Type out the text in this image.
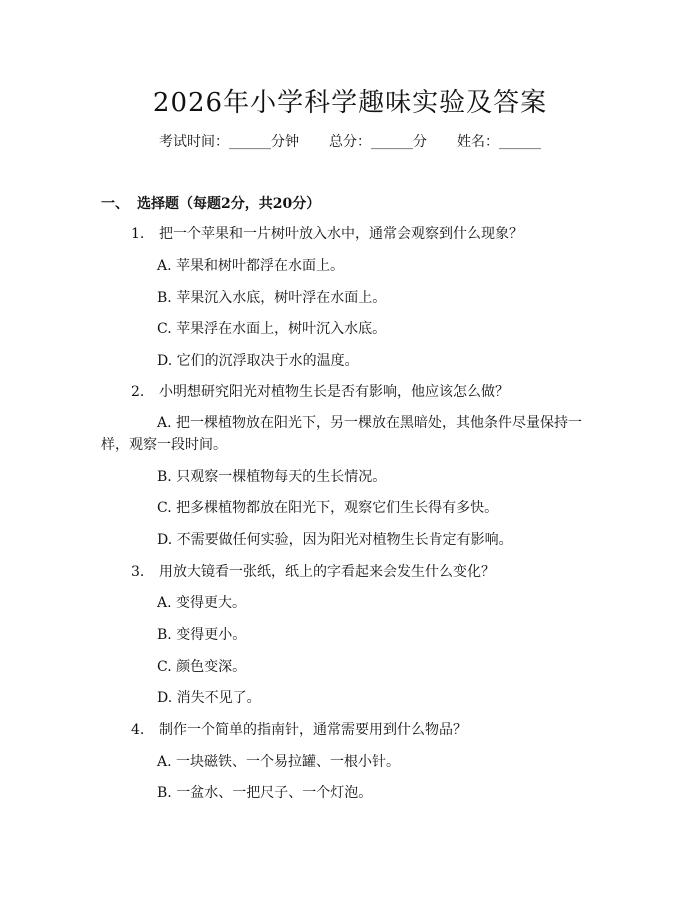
2026年小学科学趣味实验及答案
考试时间：______分钟 总分：______分 姓名：______
一、 选择题（每题2分，共20分）
1. 把一个苹果和一片树叶放入水中，通常会观察到什么现象？
A. 苹果和树叶都浮在水面上。
B. 苹果沉入水底，树叶浮在水面上。
C. 苹果浮在水面上，树叶沉入水底。
D. 它们的沉浮取决于水的温度。
2. 小明想研究阳光对植物生长是否有影响，他应该怎么做？
A. 把一棵植物放在阳光下，另一棵放在黑暗处，其他条件尽量保持一样，观察一段时间。
B. 只观察一棵植物每天的生长情况。
C. 把多棵植物都放在阳光下，观察它们生长得有多快。
D. 不需要做任何实验，因为阳光对植物生长肯定有影响。
3. 用放大镜看一张纸，纸上的字看起来会发生什么变化？
A. 变得更大。
B. 变得更小。
C. 颜色变深。
D. 消失不见了。
4. 制作一个简单的指南针，通常需要用到什么物品？
A. 一块磁铁、一个易拉罐、一根小针。
B. 一盆水、一把尺子、一个灯泡。
